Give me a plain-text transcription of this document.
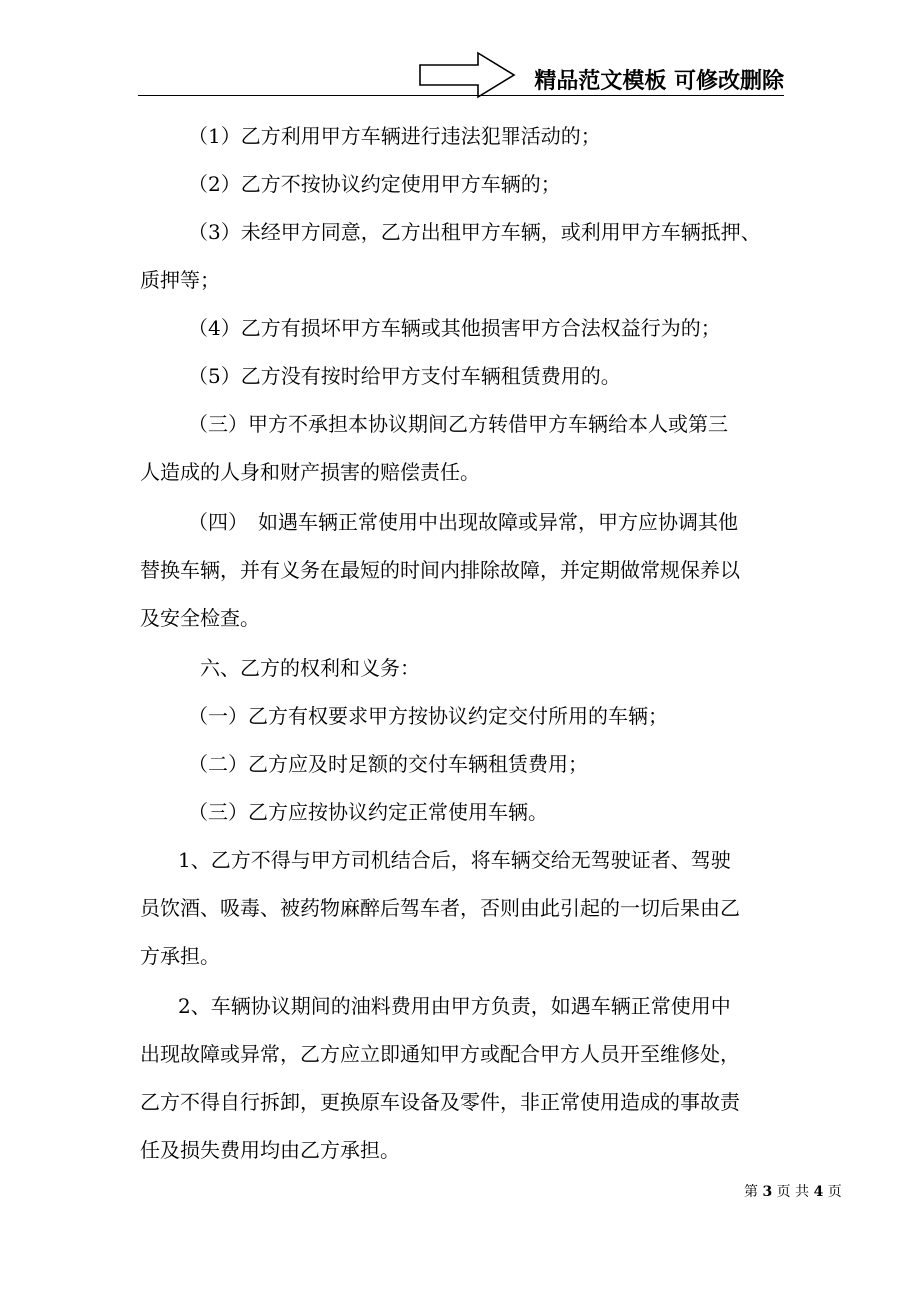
精品范文模板 可修改删除
（1）乙方利用甲方车辆进行违法犯罪活动的；
（2）乙方不按协议约定使用甲方车辆的；
（3）未经甲方同意，乙方出租甲方车辆，或利用甲方车辆抵押、
质押等；
（4）乙方有损坏甲方车辆或其他损害甲方合法权益行为的；
（5）乙方没有按时给甲方支付车辆租赁费用的。
（三）甲方不承担本协议期间乙方转借甲方车辆给本人或第三
人造成的人身和财产损害的赔偿责任。
（四）　如遇车辆正常使用中出现故障或异常，甲方应协调其他
替换车辆，并有义务在最短的时间内排除故障，并定期做常规保养以
及安全检查。
六、乙方的权利和义务：
（一）乙方有权要求甲方按协议约定交付所用的车辆；
（二）乙方应及时足额的交付车辆租赁费用；
（三）乙方应按协议约定正常使用车辆。
1、乙方不得与甲方司机结合后，将车辆交给无驾驶证者、驾驶
员饮酒、吸毒、被药物麻醉后驾车者，否则由此引起的一切后果由乙
方承担。
2、车辆协议期间的油料费用由甲方负责，如遇车辆正常使用中
出现故障或异常，乙方应立即通知甲方或配合甲方人员开至维修处，
乙方不得自行拆卸，更换原车设备及零件，非正常使用造成的事故责
任及损失费用均由乙方承担。
第 3 页 共 4 页
